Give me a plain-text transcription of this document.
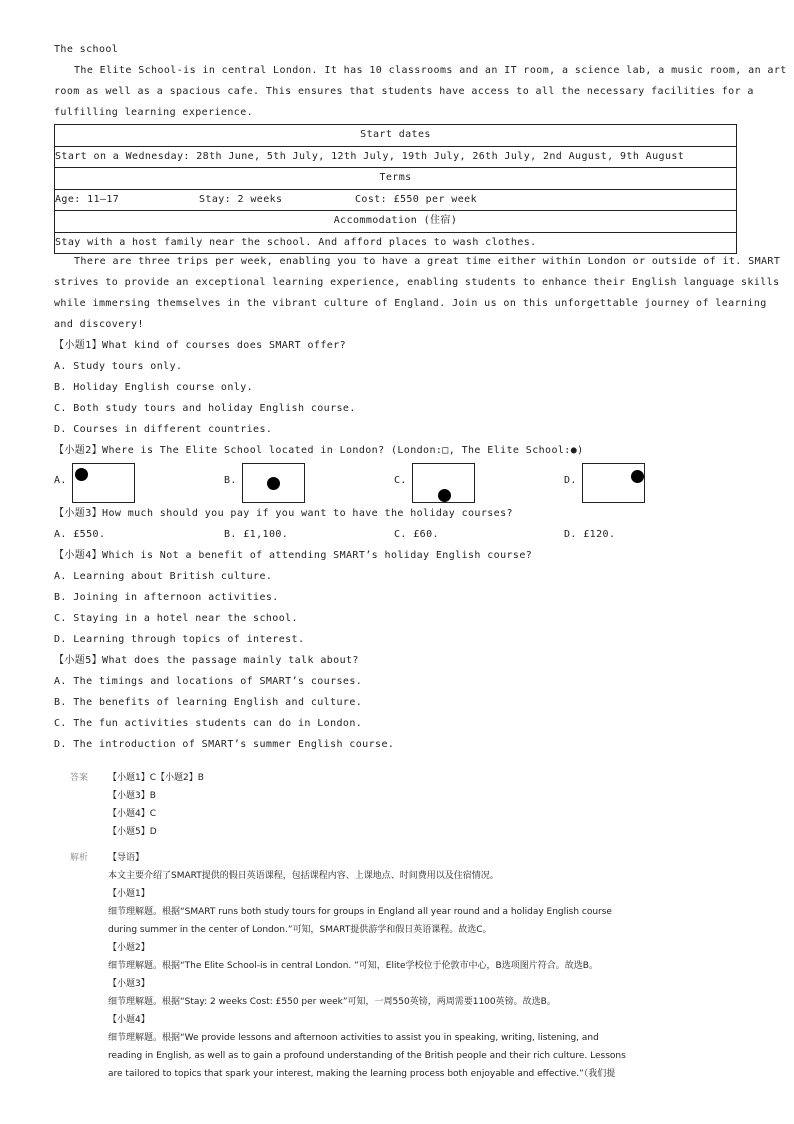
The school
The Elite School-is in central London. It has 10 classrooms and an IT room, a science lab, a music room, an art
room as well as a spacious cafe. This ensures that students have access to all the necessary facilities for a
fulfilling learning experience.
Start dates
Start on a Wednesday: 28th June, 5th July, 12th July, 19th July, 26th July, 2nd August, 9th August
Terms
Age: 11—17	Stay: 2 weeks	Cost: £550 per week
Accommodation (住宿)
Stay with a host family near the school. And afford places to wash clothes.
There are three trips per week, enabling you to have a great time either within London or outside of it. SMART
strives to provide an exceptional learning experience, enabling students to enhance their English language skills
while immersing themselves in the vibrant culture of England. Join us on this unforgettable journey of learning
and discovery!
【小题1】What kind of courses does SMART offer?
A. Study tours only.
B. Holiday English course only.
C. Both study tours and holiday English course.
D. Courses in different countries.
【小题2】Where is The Elite School located in London? (London:□, The Elite School:●)
A.	B.	C.	D.
【小题3】How much should you pay if you want to have the holiday courses?
A. £550.	B. £1,100.	C. £60.	D. £120.
【小题4】Which is Not a benefit of attending SMART’s holiday English course?
A. Learning about British culture.
B. Joining in afternoon activities.
C. Staying in a hotel near the school.
D. Learning through topics of interest.
【小题5】What does the passage mainly talk about?
A. The timings and locations of SMART’s courses.
B. The benefits of learning English and culture.
C. The fun activities students can do in London.
D. The introduction of SMART’s summer English course.
答案 【小题1】C【小题2】B
【小题3】B
【小题4】C
【小题5】D
解析 【导语】
本文主要介绍了SMART提供的假日英语课程，包括课程内容、上课地点、时间费用以及住宿情况。
【小题1】
细节理解题。根据“SMART runs both study tours for groups in England all year round and a holiday English course
during summer in the center of London.”可知，SMART提供游学和假日英语课程。故选C。
【小题2】
细节理解题。根据“The Elite School-is in central London. ”可知，Elite学校位于伦敦市中心，B选项图片符合。故选B。
【小题3】
细节理解题。根据“Stay: 2 weeks Cost: £550 per week”可知，一周550英镑，两周需要1100英镑。故选B。
【小题4】
细节理解题。根据“We provide lessons and afternoon activities to assist you in speaking, writing, listening, and
reading in English, as well as to gain a profound understanding of the British people and their rich culture. Lessons
are tailored to topics that spark your interest, making the learning process both enjoyable and effective.”（我们提
